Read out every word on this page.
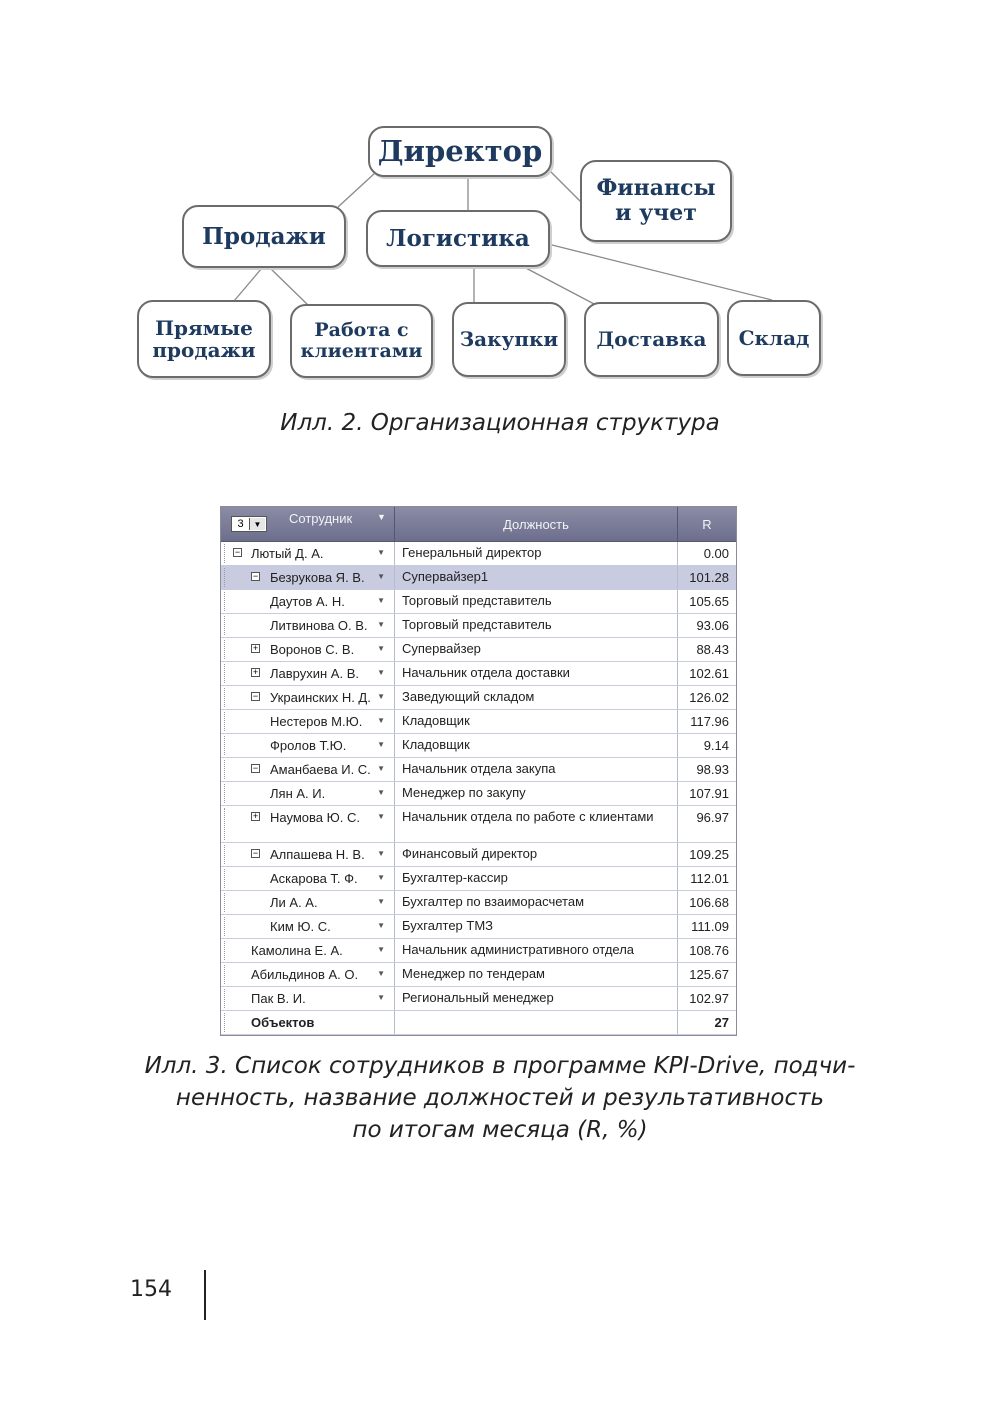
Директор
Финансы
и учет
Продажи	Логистика
Прямые
продажи
Работа с
клиентами Закупки Доставка Склад
Илл. 2. Организационная структура
3	▼ Сотрудник	▼	Должность	R
− Лютый Д. А.	▼	Генеральный директор	0.00
− Безрукова Я. В. ▼	Супервайзер1	101.28
Даутов А. Н.	▼	Торговый представитель	105.65
Литвинова О. В. ▼	Торговый представитель	93.06
+ Воронов С. В.	▼	Супервайзер	88.43
+ Лаврухин А. В. ▼	Начальник отдела доставки	102.61
− Украинских Н. Д. ▼	Заведующий складом	126.02
Нестеров М.Ю. ▼	Кладовщик	117.96
Фролов Т.Ю.	▼	Кладовщик	9.14
− Аманбаева И. С. ▼	Начальник отдела закупа	98.93
Лян А. И.	▼	Менеджер по закупу	107.91
+ Наумова Ю. С. ▼	Начальник отдела по работе с клиентами	96.97
− Алпашева Н. В. ▼	Финансовый директор	109.25
Аскарова Т. Ф. ▼	Бухгалтер-кассир	112.01
Ли А. А.	▼	Бухгалтер по взаиморасчетам	106.68
Ким Ю. С.	▼	Бухгалтер ТМЗ	111.09
Камолина Е. А.	▼	Начальник административного отдела	108.76
Абильдинов А. О. ▼	Менеджер по тендерам	125.67
Пак В. И.	▼	Региональный менеджер	102.97
Объектов	27
Илл. 3. Список сотрудников в программе KPI-Drive, подчи-
ненность, название должностей и результативность
по итогам месяца (R, %)
154
